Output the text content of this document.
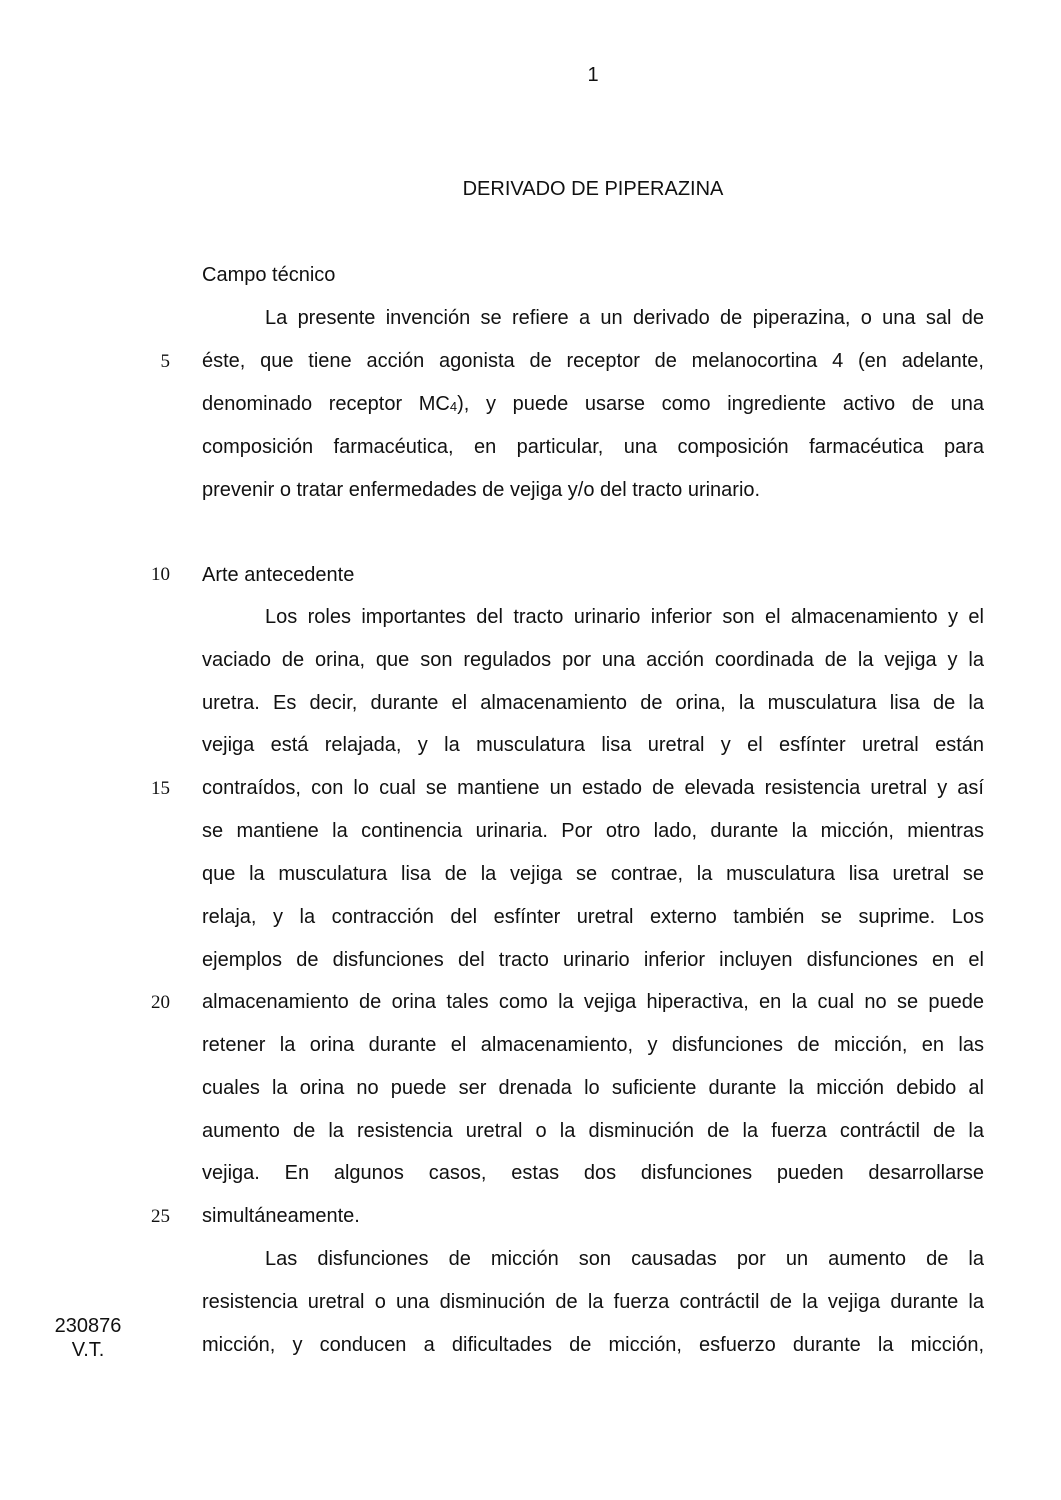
1
DERIVADO DE PIPERAZINA
Campo técnico
La presente invención se refiere a un derivado de piperazina, o una sal de
éste, que tiene acción agonista de receptor de melanocortina 4 (en adelante,
denominado receptor $MC_4$), y puede usarse como ingrediente activo de una
composición farmacéutica, en particular, una composición farmacéutica para
prevenir o tratar enfermedades de vejiga y/o del tracto urinario.
Arte antecedente
Los roles importantes del tracto urinario inferior son el almacenamiento y el
vaciado de orina, que son regulados por una acción coordinada de la vejiga y la
uretra. Es decir, durante el almacenamiento de orina, la musculatura lisa de la
vejiga está relajada, y la musculatura lisa uretral y el esfínter uretral están
contraídos, con lo cual se mantiene un estado de elevada resistencia uretral y así
se mantiene la continencia urinaria. Por otro lado, durante la micción, mientras
que la musculatura lisa de la vejiga se contrae, la musculatura lisa uretral se
relaja, y la contracción del esfínter uretral externo también se suprime. Los
ejemplos de disfunciones del tracto urinario inferior incluyen disfunciones en el
almacenamiento de orina tales como la vejiga hiperactiva, en la cual no se puede
retener la orina durante el almacenamiento, y disfunciones de micción, en las
cuales la orina no puede ser drenada lo suficiente durante la micción debido al
aumento de la resistencia uretral o la disminución de la fuerza contráctil de la
vejiga. En algunos casos, estas dos disfunciones pueden desarrollarse
simultáneamente.
Las disfunciones de micción son causadas por un aumento de la
resistencia uretral o una disminución de la fuerza contráctil de la vejiga durante la
micción, y conducen a dificultades de micción, esfuerzo durante la micción,
5
10
15
20
25
230876
V.T.
